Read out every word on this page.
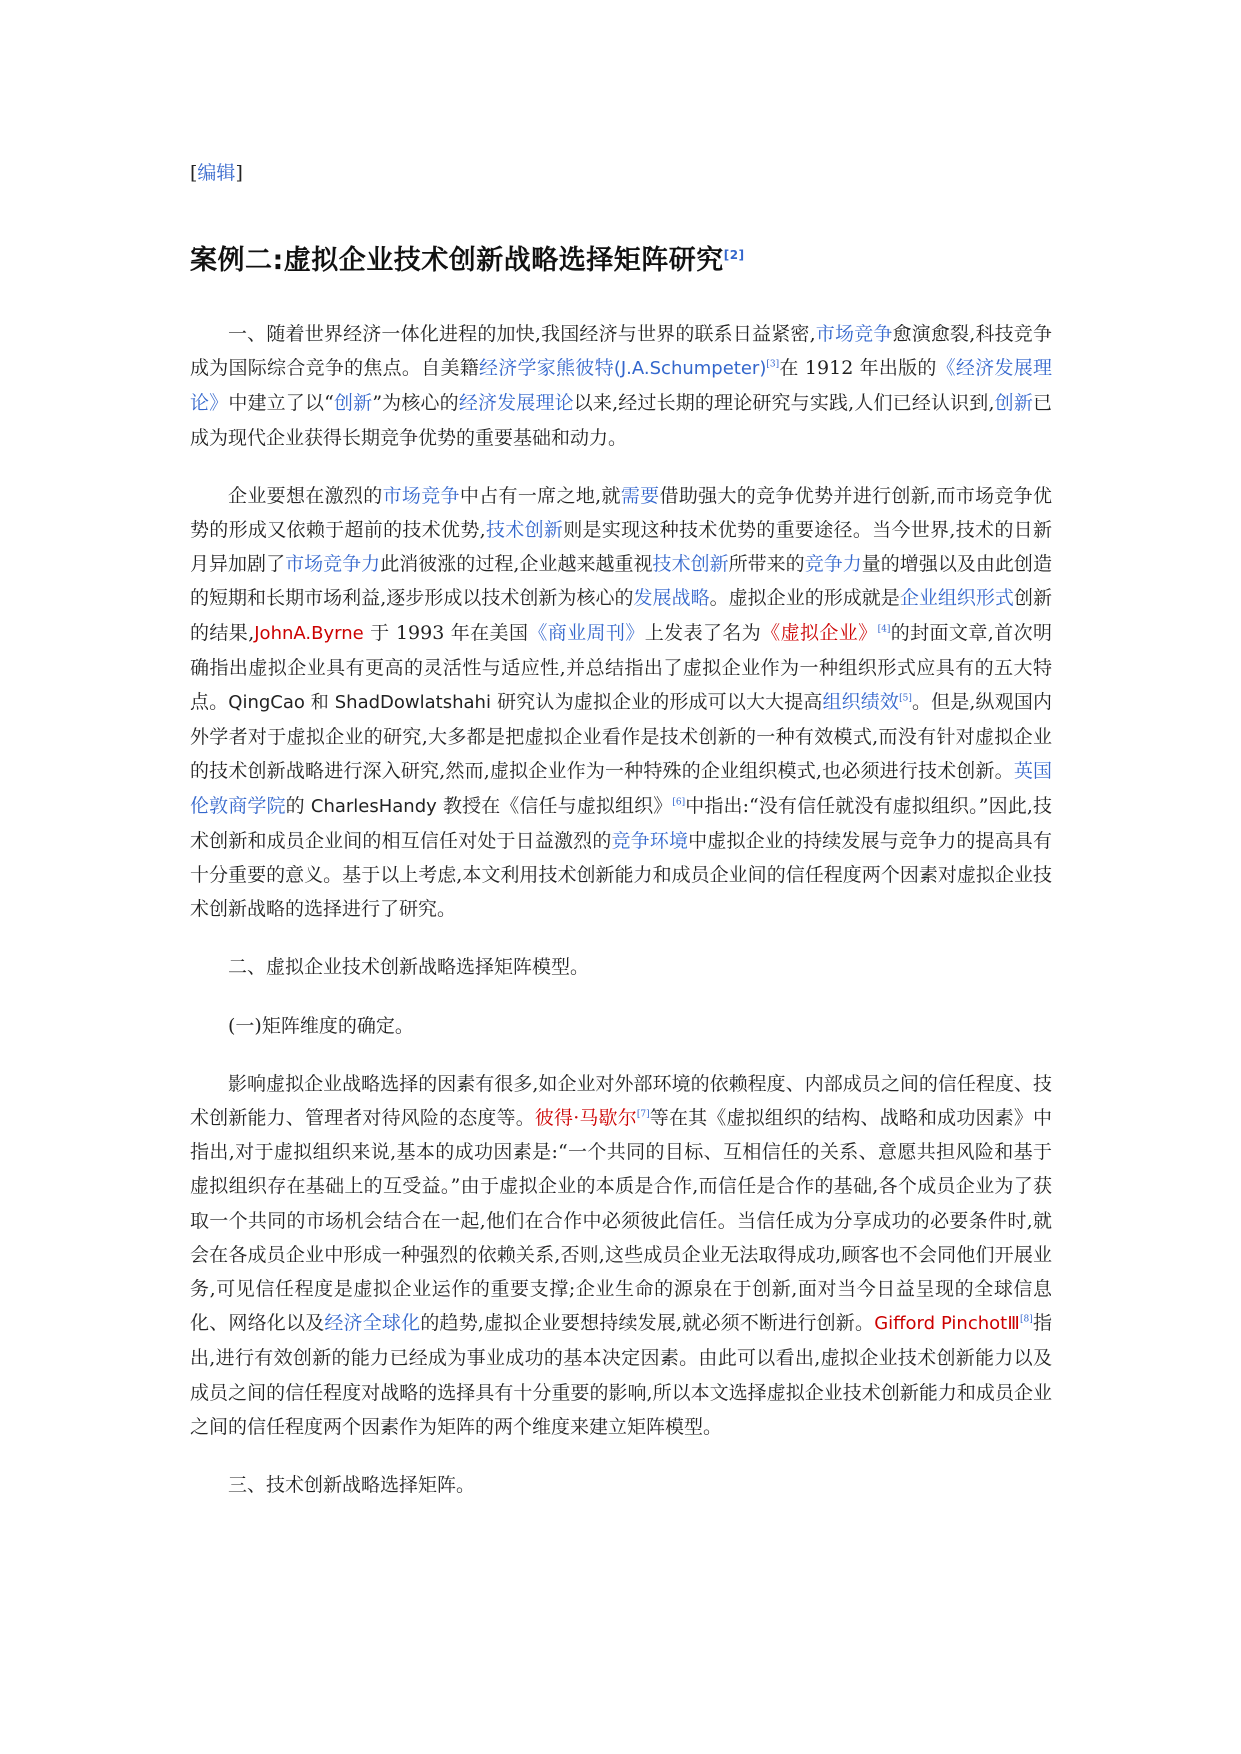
[编辑]
案例二:虚拟企业技术创新战略选择矩阵研究[2]

一、随着世界经济一体化进程的加快,我国经济与世界的联系日益紧密,市场竞争愈演愈裂,科技竞争成为国际综合竞争的焦点。自美籍经济学家熊彼特(J.A.Schumpeter)[3]在 1912 年出版的《经济发展理论》中建立了以“创新”为核心的经济发展理论以来,经过长期的理论研究与实践,人们已经认识到,创新已成为现代企业获得长期竞争优势的重要基础和动力。

企业要想在激烈的市场竞争中占有一席之地,就需要借助强大的竞争优势并进行创新,而市场竞争优势的形成又依赖于超前的技术优势,技术创新则是实现这种技术优势的重要途径。当今世界,技术的日新月异加剧了市场竞争力此消彼涨的过程,企业越来越重视技术创新所带来的竞争力量的增强以及由此创造的短期和长期市场利益,逐步形成以技术创新为核心的发展战略。虚拟企业的形成就是企业组织形式创新的结果,JohnA.Byrne 于 1993 年在美国《商业周刊》上发表了名为《虚拟企业》[4]的封面文章,首次明确指出虚拟企业具有更高的灵活性与适应性,并总结指出了虚拟企业作为一种组织形式应具有的五大特点。QingCao 和 ShadDowlatshahi 研究认为虚拟企业的形成可以大大提高组织绩效[5]。但是,纵观国内外学者对于虚拟企业的研究,大多都是把虚拟企业看作是技术创新的一种有效模式,而没有针对虚拟企业的技术创新战略进行深入研究,然而,虚拟企业作为一种特殊的企业组织模式,也必须进行技术创新。英国伦敦商学院的 CharlesHandy 教授在《信任与虚拟组织》[6]中指出:“没有信任就没有虚拟组织。”因此,技术创新和成员企业间的相互信任对处于日益激烈的竞争环境中虚拟企业的持续发展与竞争力的提高具有十分重要的意义。基于以上考虑,本文利用技术创新能力和成员企业间的信任程度两个因素对虚拟企业技术创新战略的选择进行了研究。

二、虚拟企业技术创新战略选择矩阵模型。

(一)矩阵维度的确定。

影响虚拟企业战略选择的因素有很多,如企业对外部环境的依赖程度、内部成员之间的信任程度、技术创新能力、管理者对待风险的态度等。彼得·马歇尔[7]等在其《虚拟组织的结构、战略和成功因素》中指出,对于虚拟组织来说,基本的成功因素是:“一个共同的目标、互相信任的关系、意愿共担风险和基于虚拟组织存在基础上的互受益。”由于虚拟企业的本质是合作,而信任是合作的基础,各个成员企业为了获取一个共同的市场机会结合在一起,他们在合作中必须彼此信任。当信任成为分享成功的必要条件时,就会在各成员企业中形成一种强烈的依赖关系,否则,这些成员企业无法取得成功,顾客也不会同他们开展业务,可见信任程度是虚拟企业运作的重要支撑;企业生命的源泉在于创新,面对当今日益呈现的全球信息化、网络化以及经济全球化的趋势,虚拟企业要想持续发展,就必须不断进行创新。Gifford PinchotⅢ[8]指出,进行有效创新的能力已经成为事业成功的基本决定因素。由此可以看出,虚拟企业技术创新能力以及成员之间的信任程度对战略的选择具有十分重要的影响,所以本文选择虚拟企业技术创新能力和成员企业之间的信任程度两个因素作为矩阵的两个维度来建立矩阵模型。

三、技术创新战略选择矩阵。
